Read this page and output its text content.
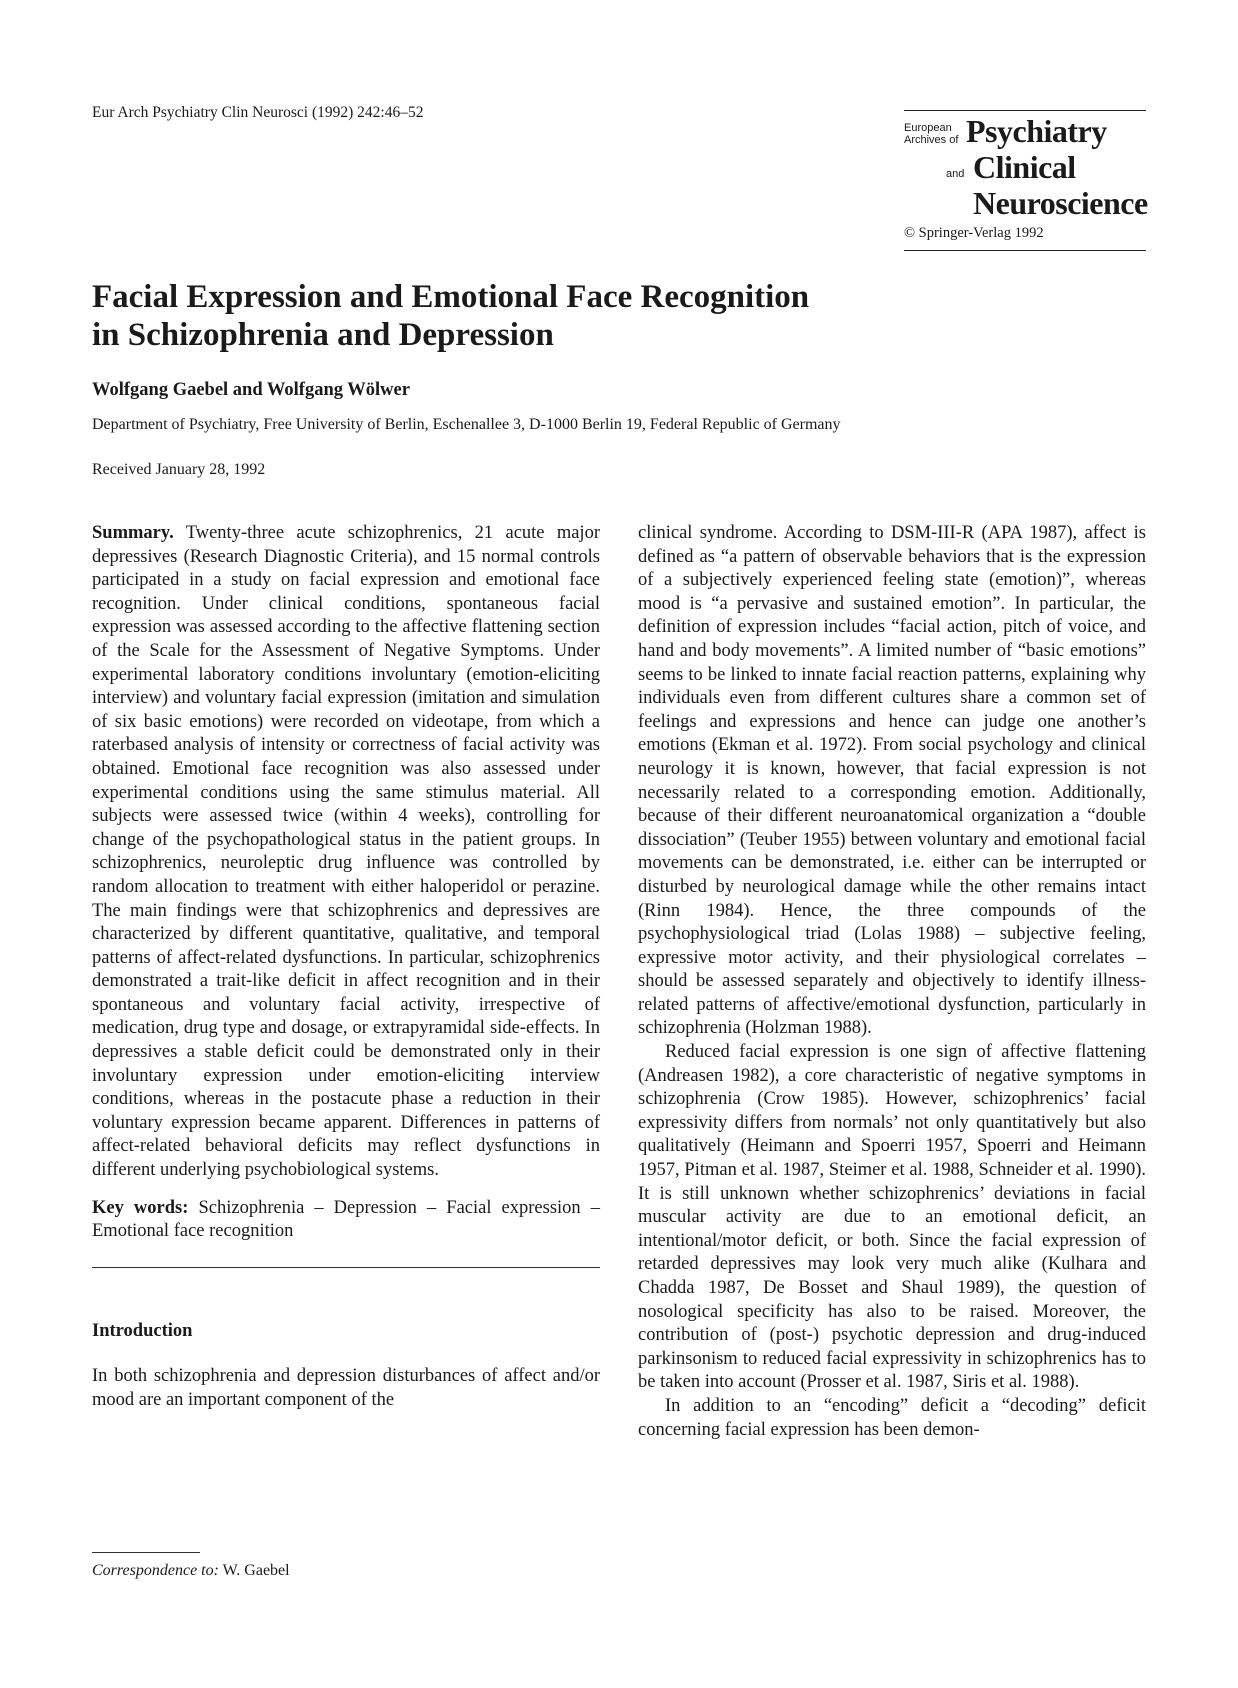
Eur Arch Psychiatry Clin Neurosci (1992) 242:46–52
European
Archives of Psychiatry
and Clinical
Neuroscience
© Springer-Verlag 1992
Facial Expression and Emotional Face Recognition
in Schizophrenia and Depression
Wolfgang Gaebel and Wolfgang Wölwer
Department of Psychiatry, Free University of Berlin, Eschenallee 3, D-1000 Berlin 19, Federal Republic of Germany
Received January 28, 1992

Summary. Twenty-three acute schizophrenics, 21 acute major depressives (Research Diagnostic Criteria), and 15 normal controls participated in a study on facial expression and emotional face recognition. Under clinical conditions, spontaneous facial expression was assessed according to the affective flattening section of the Scale for the Assessment of Negative Symptoms. Under experimental laboratory conditions involuntary (emotion-eliciting interview) and voluntary facial expression (imitation and simulation of six basic emotions) were recorded on videotape, from which a raterbased analysis of intensity or correctness of facial activity was obtained. Emotional face recognition was also assessed under experimental conditions using the same stimulus material. All subjects were assessed twice (within 4 weeks), controlling for change of the psychopathological status in the patient groups. In schizophrenics, neuroleptic drug influence was controlled by random allocation to treatment with either haloperidol or perazine. The main findings were that schizophrenics and depressives are characterized by different quantitative, qualitative, and temporal patterns of affect-related dysfunctions. In particular, schizophrenics demonstrated a trait-like deficit in affect recognition and in their spontaneous and voluntary facial activity, irrespective of medication, drug type and dosage, or extrapyramidal side-effects. In depressives a stable deficit could be demonstrated only in their involuntary expression under emotion-eliciting interview conditions, whereas in the postacute phase a reduction in their voluntary expression became apparent. Differences in patterns of affect-related behavioral deficits may reflect dysfunctions in different underlying psychobiological systems.

Key words: Schizophrenia – Depression – Facial expression – Emotional face recognition

Introduction

In both schizophrenia and depression disturbances of affect and/or mood are an important component of the

clinical syndrome. According to DSM-III-R (APA 1987), affect is defined as “a pattern of observable behaviors that is the expression of a subjectively experienced feeling state (emotion)”, whereas mood is “a pervasive and sustained emotion”. In particular, the definition of expression includes “facial action, pitch of voice, and hand and body movements”. A limited number of “basic emotions” seems to be linked to innate facial reaction patterns, explaining why individuals even from different cultures share a common set of feelings and expressions and hence can judge one another’s emotions (Ekman et al. 1972). From social psychology and clinical neurology it is known, however, that facial expression is not necessarily related to a corresponding emotion. Additionally, because of their different neuroanatomical organization a “double dissociation” (Teuber 1955) between voluntary and emotional facial movements can be demonstrated, i.e. either can be interrupted or disturbed by neurological damage while the other remains intact (Rinn 1984). Hence, the three compounds of the psychophysiological triad (Lolas 1988) – subjective feeling, expressive motor activity, and their physiological correlates – should be assessed separately and objectively to identify illness-related patterns of affective/emotional dysfunction, particularly in schizophrenia (Holzman 1988).

Reduced facial expression is one sign of affective flattening (Andreasen 1982), a core characteristic of negative symptoms in schizophrenia (Crow 1985). However, schizophrenics’ facial expressivity differs from normals’ not only quantitatively but also qualitatively (Heimann and Spoerri 1957, Spoerri and Heimann 1957, Pitman et al. 1987, Steimer et al. 1988, Schneider et al. 1990). It is still unknown whether schizophrenics’ deviations in facial muscular activity are due to an emotional deficit, an intentional/motor deficit, or both. Since the facial expression of retarded depressives may look very much alike (Kulhara and Chadda 1987, De Bosset and Shaul 1989), the question of nosological specificity has also to be raised. Moreover, the contribution of (post-) psychotic depression and drug-induced parkinsonism to reduced facial expressivity in schizophrenics has to be taken into account (Prosser et al. 1987, Siris et al. 1988).

In addition to an “encoding” deficit a “decoding” deficit concerning facial expression has been demon-

Correspondence to: W. Gaebel
